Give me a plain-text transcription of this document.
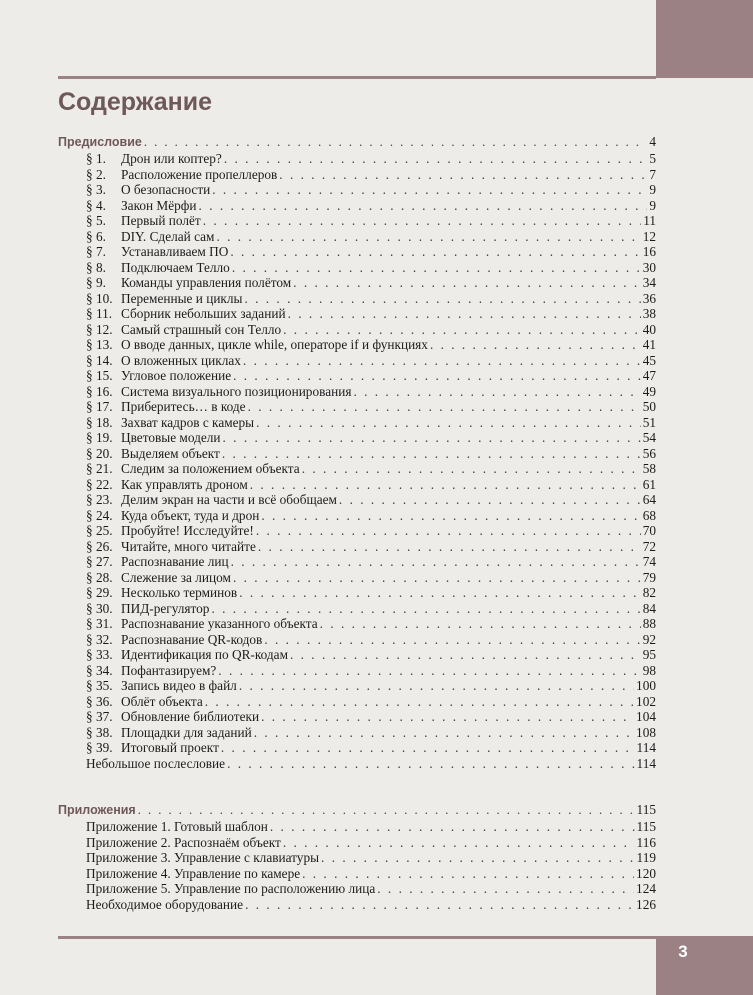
Содержание
Предисловие . . .	4
§ 1. Дрон или коптер? . . .	5
§ 2. Расположение пропеллеров . . .	7
§ 3. О безопасности . . .	9
§ 4. Закон Мёрфи . . .	9
§ 5. Первый полёт . . .	11
§ 6. DIY. Сделай сам . . .	12
§ 7. Устанавливаем ПО . . .	16
§ 8. Подключаем Телло . . .	30
§ 9. Команды управления полётом . . .	34
§ 10. Переменные и циклы . . .	36
§ 11. Сборник небольших заданий . . .	38
§ 12. Самый страшный сон Телло . . .	40
§ 13. О вводе данных, цикле while, операторе if и функциях . . .	41
§ 14. О вложенных циклах . . .	45
§ 15. Угловое положение . . .	47
§ 16. Система визуального позиционирования . . .	49
§ 17. Приберитесь… в коде . . .	50
§ 18. Захват кадров с камеры . . .	51
§ 19. Цветовые модели . . .	54
§ 20. Выделяем объект . . .	56
§ 21. Следим за положением объекта . . .	58
§ 22. Как управлять дроном . . .	61
§ 23. Делим экран на части и всё обобщаем . . .	64
§ 24. Куда объект, туда и дрон . . .	68
§ 25. Пробуйте! Исследуйте! . . .	70
§ 26. Читайте, много читайте . . .	72
§ 27. Распознавание лиц . . .	74
§ 28. Слежение за лицом . . .	79
§ 29. Несколько терминов . . .	82
§ 30. ПИД-регулятор . . .	84
§ 31. Распознавание указанного объекта . . .	88
§ 32. Распознавание QR-кодов . . .	92
§ 33. Идентификация по QR-кодам . . .	95
§ 34. Пофантазируем? . . .	98
§ 35. Запись видео в файл . . .	100
§ 36. Облёт объекта . . .	102
§ 37. Обновление библиотеки . . .	104
§ 38. Площадки для заданий . . .	108
§ 39. Итоговый проект . . .	114
Небольшое послесловие . . .	114
Приложения . . .	115
Приложение 1. Готовый шаблон . . .	115
Приложение 2. Распознаём объект . . .	116
Приложение 3. Управление с клавиатуры . . .	119
Приложение 4. Управление по камере . . .	120
Приложение 5. Управление по расположению лица . . .	124
Необходимое оборудование . . .	126
3
